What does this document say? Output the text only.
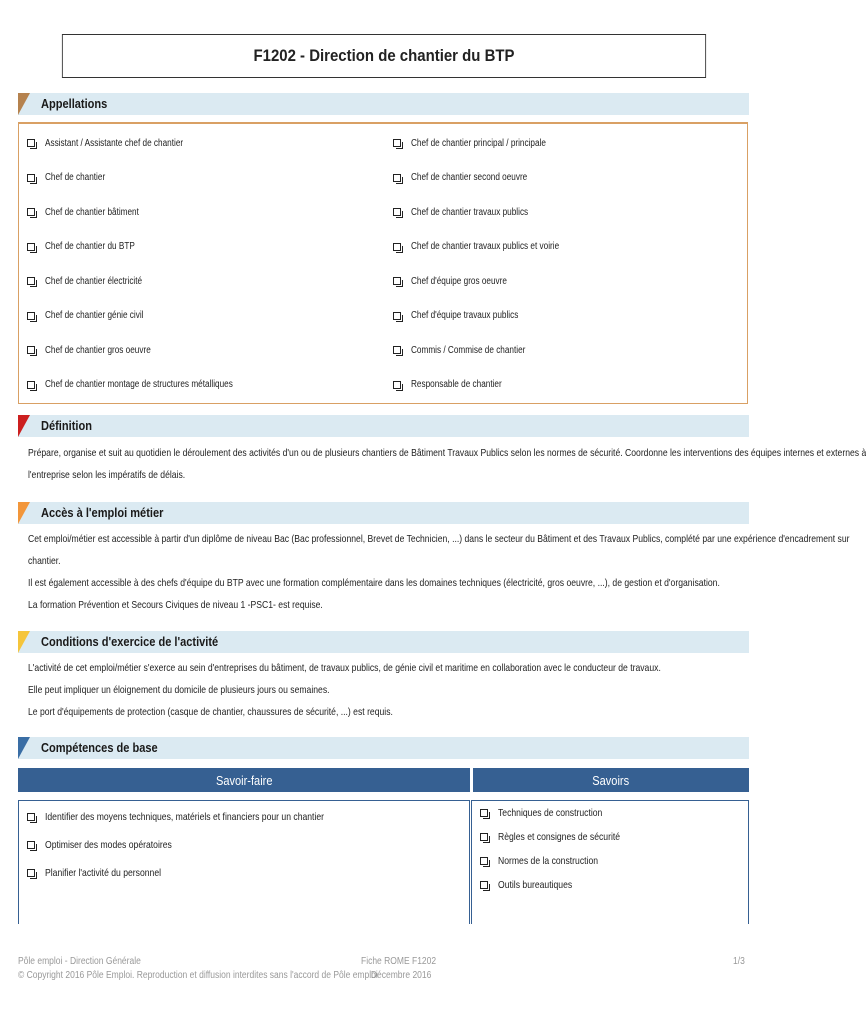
F1202 - Direction de chantier du BTP
Appellations
Assistant / Assistante chef de chantier
Chef de chantier
Chef de chantier bâtiment
Chef de chantier du BTP
Chef de chantier électricité
Chef de chantier génie civil
Chef de chantier gros oeuvre
Chef de chantier montage de structures métalliques
Chef de chantier principal / principale
Chef de chantier second oeuvre
Chef de chantier travaux publics
Chef de chantier travaux publics et voirie
Chef d'équipe gros oeuvre
Chef d'équipe travaux publics
Commis / Commise de chantier
Responsable de chantier
Définition
Prépare, organise et suit au quotidien le déroulement des activités d'un ou de plusieurs chantiers de Bâtiment Travaux Publics selon les normes de sécurité. Coordonne les interventions des équipes internes et externes à
l'entreprise selon les impératifs de délais.
Accès à l'emploi métier
Cet emploi/métier est accessible à partir d'un diplôme de niveau Bac (Bac professionnel, Brevet de Technicien, ...) dans le secteur du Bâtiment et des Travaux Publics, complété par une expérience d'encadrement sur
chantier.
Il est également accessible à des chefs d'équipe du BTP avec une formation complémentaire dans les domaines techniques (électricité, gros oeuvre, ...), de gestion et d'organisation.
La formation Prévention et Secours Civiques de niveau 1 -PSC1- est requise.
Conditions d'exercice de l'activité
L'activité de cet emploi/métier s'exerce au sein d'entreprises du bâtiment, de travaux publics, de génie civil et maritime en collaboration avec le conducteur de travaux.
Elle peut impliquer un éloignement du domicile de plusieurs jours ou semaines.
Le port d'équipements de protection (casque de chantier, chaussures de sécurité, ...) est requis.
Compétences de base
Savoir-faire	Savoirs
Identifier des moyens techniques, matériels et financiers pour un chantier
Optimiser des modes opératoires
Planifier l'activité du personnel
Techniques de construction
Règles et consignes de sécurité
Normes de la construction
Outils bureautiques
Pôle emploi - Direction Générale
© Copyright 2016 Pôle Emploi. Reproduction et diffusion interdites sans l'accord de Pôle emploi
Fiche ROME F1202
Décembre 2016
1/3
